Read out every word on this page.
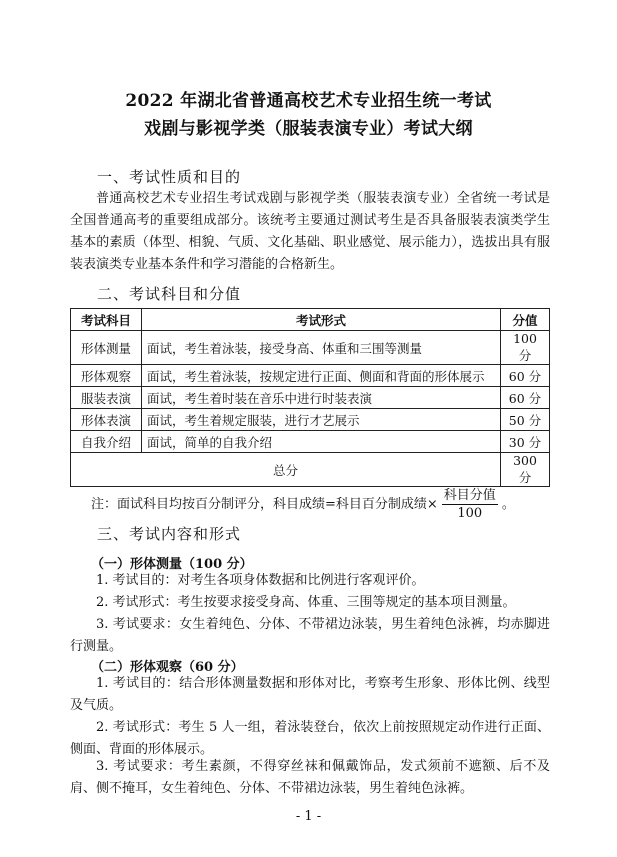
2022 年湖北省普通高校艺术专业招生统一考试
戏剧与影视学类（服装表演专业）考试大纲
一、考试性质和目的
普通高校艺术专业招生考试戏剧与影视学类（服装表演专业）全省统一考试是全国普通高考的重要组成部分。该统考主要通过测试考生是否具备服装表演类学生基本的素质（体型、相貌、气质、文化基础、职业感觉、展示能力），选拔出具有服装表演类专业基本条件和学习潜能的合格新生。
二、考试科目和分值
考试科目	考试形式	分值
形体测量	面试，考生着泳装，接受身高、体重和三围等测量	100 分
形体观察	面试，考生着泳装，按规定进行正面、侧面和背面的形体展示	60 分
服装表演	面试，考生着时装在音乐中进行时装表演	60 分
形体表演	面试，考生着规定服装，进行才艺展示	50 分
自我介绍	面试，简单的自我介绍	30 分
总分		300 分
注：面试科目均按百分制评分，科目成绩=科目百分制成绩× $\frac{\text{科目分值}}{100}$ 。
三、考试内容和形式
（一）形体测量（100 分）
1. 考试目的：对考生各项身体数据和比例进行客观评价。
2. 考试形式：考生按要求接受身高、体重、三围等规定的基本项目测量。
3. 考试要求：女生着纯色、分体、不带裙边泳装，男生着纯色泳裤，均赤脚进行测量。
（二）形体观察（60 分）
1. 考试目的：结合形体测量数据和形体对比，考察考生形象、形体比例、线型及气质。
2. 考试形式：考生 5 人一组，着泳装登台，依次上前按照规定动作进行正面、侧面、背面的形体展示。
3. 考试要求：考生素颜，不得穿丝袜和佩戴饰品，发式须前不遮额、后不及肩、侧不掩耳，女生着纯色、分体、不带裙边泳装，男生着纯色泳裤。
- 1 -
